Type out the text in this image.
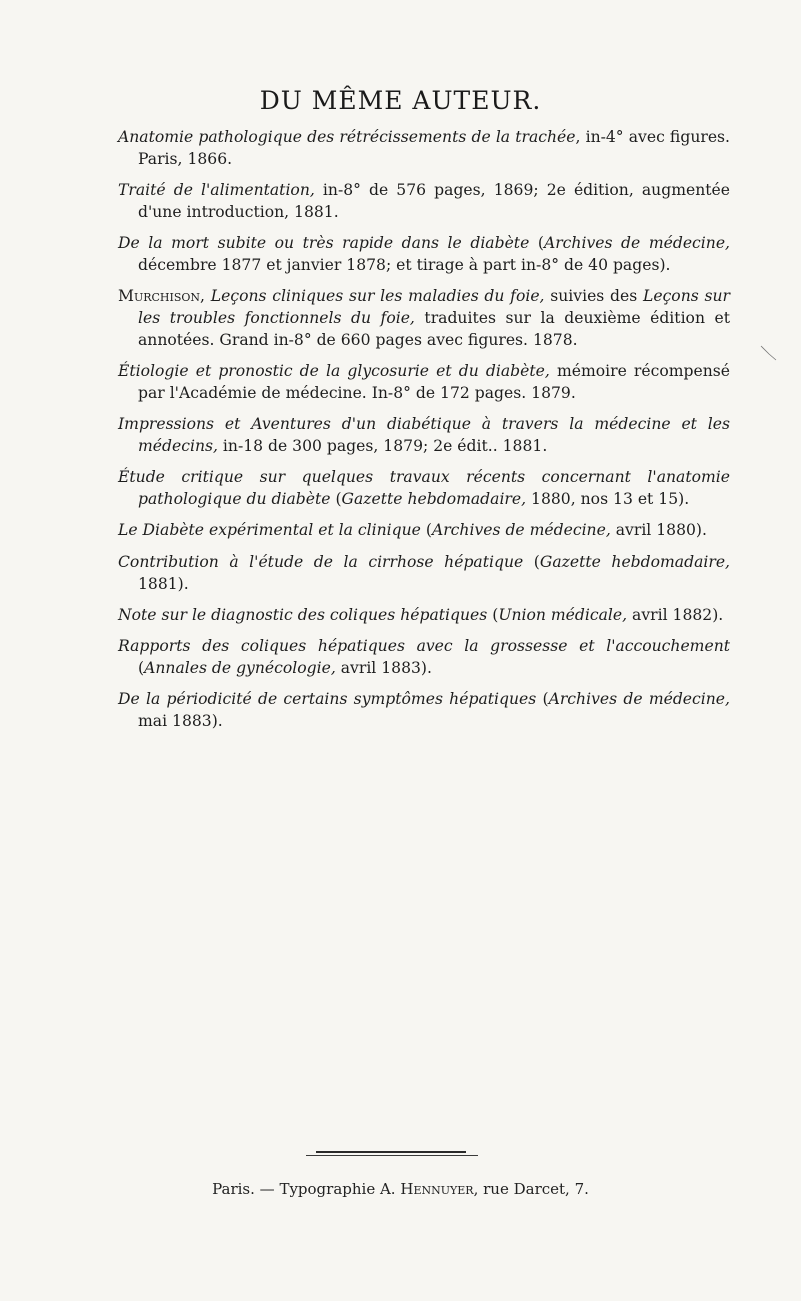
DU MÊME AUTEUR.
Anatomie pathologique des rétrécissements de la trachée, in-4° avec figures. Paris, 1866.
Traité de l'alimentation, in-8° de 576 pages, 1869; 2e édition, augmentée d'une introduction, 1881.
De la mort subite ou très rapide dans le diabète (Archives de médecine, décembre 1877 et janvier 1878; et tirage à part in-8° de 40 pages).
Murchison, Leçons cliniques sur les maladies du foie, suivies des Leçons sur les troubles fonctionnels du foie, traduites sur la deuxième édition et annotées. Grand in-8° de 660 pages avec figures. 1878.
Étiologie et pronostic de la glycosurie et du diabète, mémoire récompensé par l'Académie de médecine. In-8° de 172 pages. 1879.
Impressions et Aventures d'un diabétique à travers la médecine et les médecins, in-18 de 300 pages, 1879; 2e édit.. 1881.
Étude critique sur quelques travaux récents concernant l'anatomie pathologique du diabète (Gazette hebdomadaire, 1880, nos 13 et 15).
Le Diabète expérimental et la clinique (Archives de médecine, avril 1880).
Contribution à l'étude de la cirrhose hépatique (Gazette hebdomadaire, 1881).
Note sur le diagnostic des coliques hépatiques (Union médicale, avril 1882).
Rapports des coliques hépatiques avec la grossesse et l'accouchement (Annales de gynécologie, avril 1883).
De la périodicité de certains symptômes hépatiques (Archives de médecine, mai 1883).
Paris. — Typographie A. Hennuyer, rue Darcet, 7.
